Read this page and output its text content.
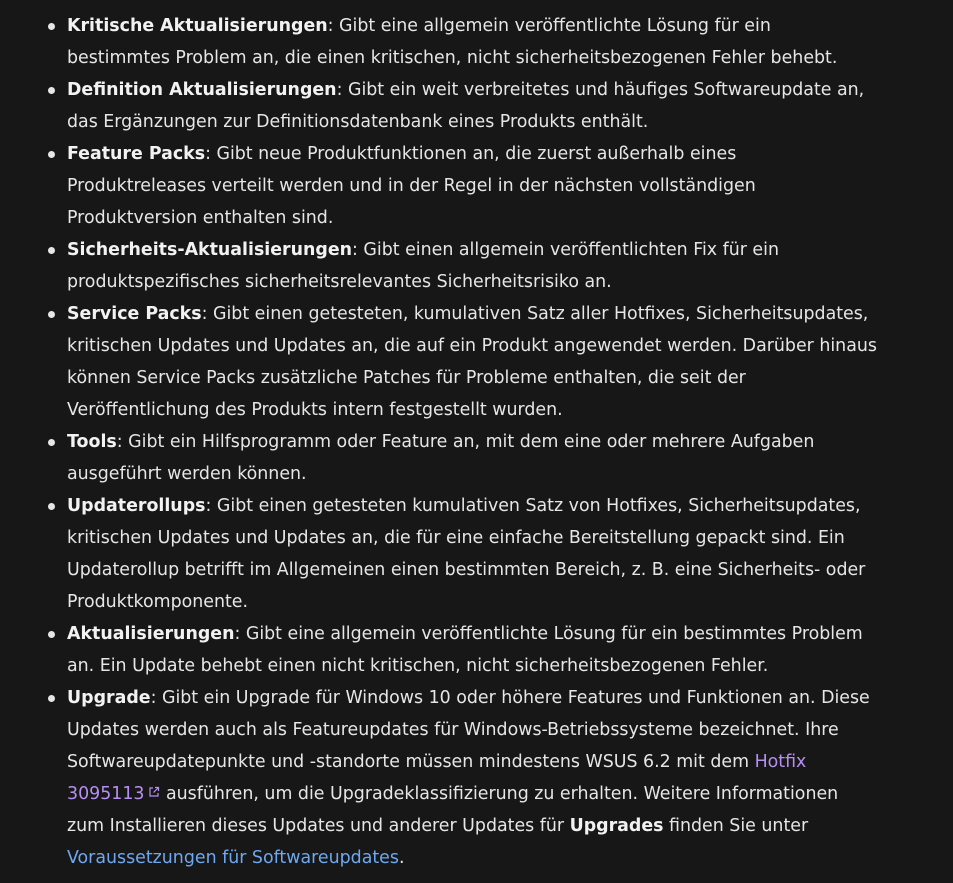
Kritische Aktualisierungen: Gibt eine allgemein veröffentlichte Lösung für ein bestimmtes Problem an, die einen kritischen, nicht sicherheitsbezogenen Fehler behebt.
Definition Aktualisierungen: Gibt ein weit verbreitetes und häufiges Softwareupdate an, das Ergänzungen zur Definitionsdatenbank eines Produkts enthält.
Feature Packs: Gibt neue Produktfunktionen an, die zuerst außerhalb eines Produktreleases verteilt werden und in der Regel in der nächsten vollständigen Produktversion enthalten sind.
Sicherheits-Aktualisierungen: Gibt einen allgemein veröffentlichten Fix für ein produktspezifisches sicherheitsrelevantes Sicherheitsrisiko an.
Service Packs: Gibt einen getesteten, kumulativen Satz aller Hotfixes, Sicherheitsupdates, kritischen Updates und Updates an, die auf ein Produkt angewendet werden. Darüber hinaus können Service Packs zusätzliche Patches für Probleme enthalten, die seit der Veröffentlichung des Produkts intern festgestellt wurden.
Tools: Gibt ein Hilfsprogramm oder Feature an, mit dem eine oder mehrere Aufgaben ausgeführt werden können.
Updaterollups: Gibt einen getesteten kumulativen Satz von Hotfixes, Sicherheitsupdates, kritischen Updates und Updates an, die für eine einfache Bereitstellung gepackt sind. Ein Updaterollup betrifft im Allgemeinen einen bestimmten Bereich, z. B. eine Sicherheits- oder Produktkomponente.
Aktualisierungen: Gibt eine allgemein veröffentlichte Lösung für ein bestimmtes Problem an. Ein Update behebt einen nicht kritischen, nicht sicherheitsbezogenen Fehler.
Upgrade: Gibt ein Upgrade für Windows 10 oder höhere Features und Funktionen an. Diese Updates werden auch als Featureupdates für Windows-Betriebssysteme bezeichnet. Ihre Softwareupdatepunkte und -standorte müssen mindestens WSUS 6.2 mit dem Hotfix 3095113 ausführen, um die Upgradeklassifizierung zu erhalten. Weitere Informationen zum Installieren dieses Updates und anderer Updates für Upgrades finden Sie unter Voraussetzungen für Softwareupdates.
